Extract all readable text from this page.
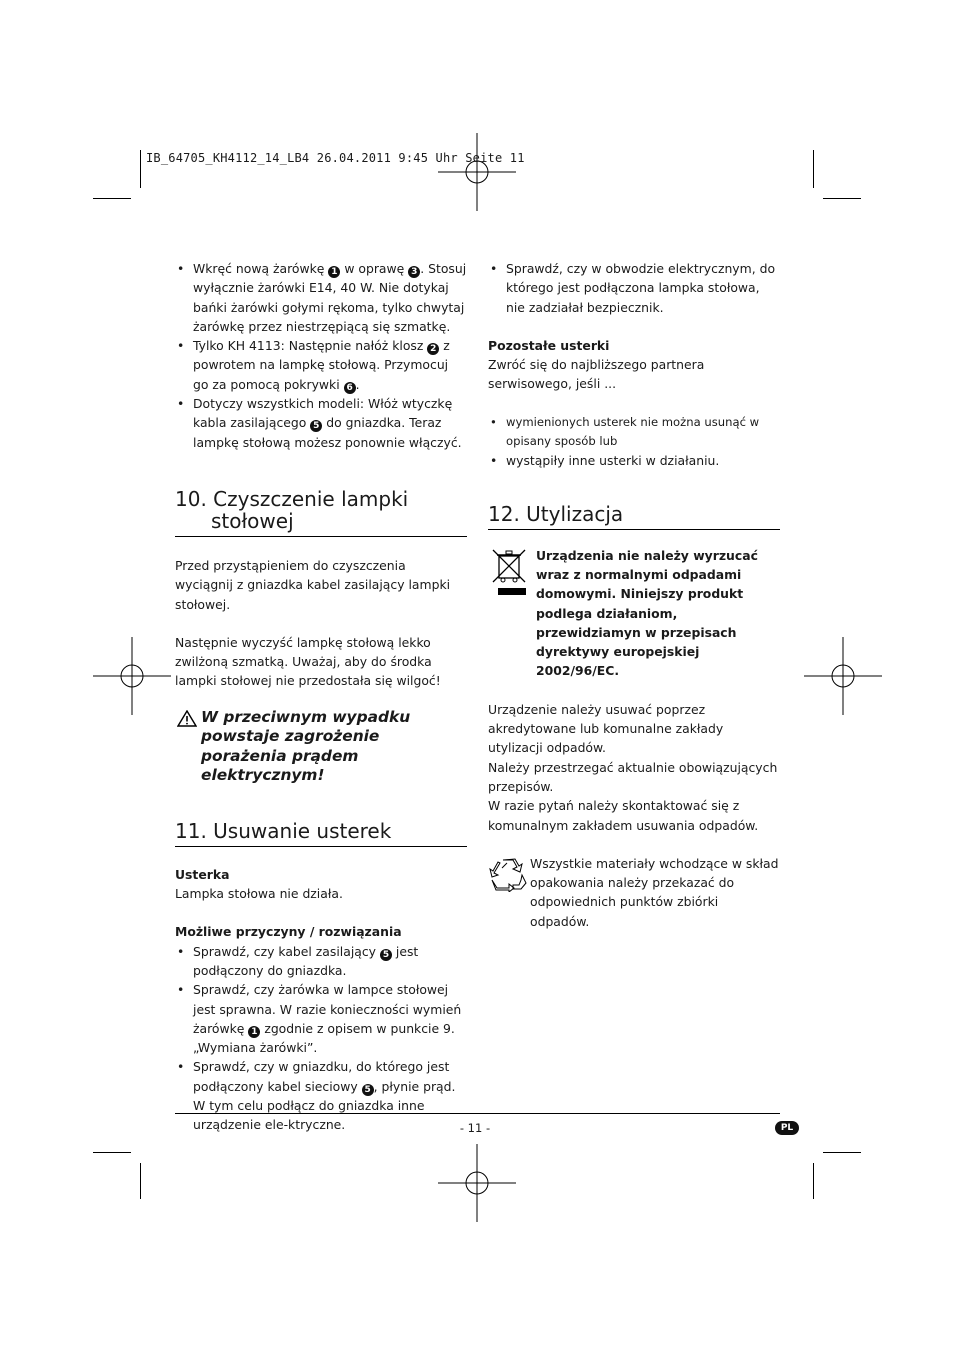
IB_64705_KH4112_14_LB4 26.04.2011 9:45 Uhr Seite 11
• Wkręć nową żarówkę 1 w oprawę 3 . Stosuj wyłącznie żarówki E14, 40 W. Nie dotykaj bańki żarówki gołymi rękoma, tylko chwytaj żarówkę przez niestrzępiącą się szmatkę.
• Tylko KH 4113: Następnie nałóż klosz 2 z powrotem na lampkę stołową. Przymocuj go za pomocą pokrywki 6 .
• Dotyczy wszystkich modeli: Włóż wtyczkę kabla zasilającego 5 do gniazdka. Teraz lampkę stołową możesz ponownie włączyć.
10. Czyszczenie lampki
stołowej
Przed przystąpieniem do czyszczenia wyciągnij z gniazdka kabel zasilający lampki stołowej.
Następnie wyczyść lampkę stołową lekko zwilżoną szmatką. Uważaj, aby do środka lampki stołowej nie przedostała się wilgoć!
W przeciwnym wypadku powstaje zagrożenie porażenia prądem elektrycznym!
11. Usuwanie usterek
Usterka
Lampka stołowa nie działa.
Możliwe przyczyny / rozwiązania
• Sprawdź, czy kabel zasilający 5 jest podłączony do gniazdka.
• Sprawdź, czy żarówka w lampce stołowej jest sprawna. W razie konieczności wymień żarówkę 1 zgodnie z opisem w punkcie 9. „Wymiana żarówki”.
• Sprawdź, czy w gniazdku, do którego jest podłączony kabel sieciowy 5 , płynie prąd. W tym celu podłącz do gniazdka inne urządzenie ele-ktryczne.
• Sprawdź, czy w obwodzie elektrycznym, do którego jest podłączona lampka stołowa, nie zadziałał bezpiecznik.
Pozostałe usterki
Zwróć się do najbliższego partnera serwisowego, jeśli ...
• wymienionych usterek nie można usunąć w opisany sposób lub
• wystąpiły inne usterki w działaniu.
12. Utylizacja
Urządzenia nie należy wyrzucać wraz z normalnymi odpadami domowymi. Niniejszy produkt podlega działaniom, przewidziamyn w przepisach dyrektywy europejskiej 2002/96/EC.
Urządzenie należy usuwać poprzez akredytowane lub komunalne zakłady utylizacji odpadów.
Należy przestrzegać aktualnie obowiązujących przepisów.
W razie pytań należy skontaktować się z komunalnym zakładem usuwania odpadów.
Wszystkie materiały wchodzące w skład opakowania należy przekazać do odpowiednich punktów zbiórki odpadów.
- 11 -	PL
